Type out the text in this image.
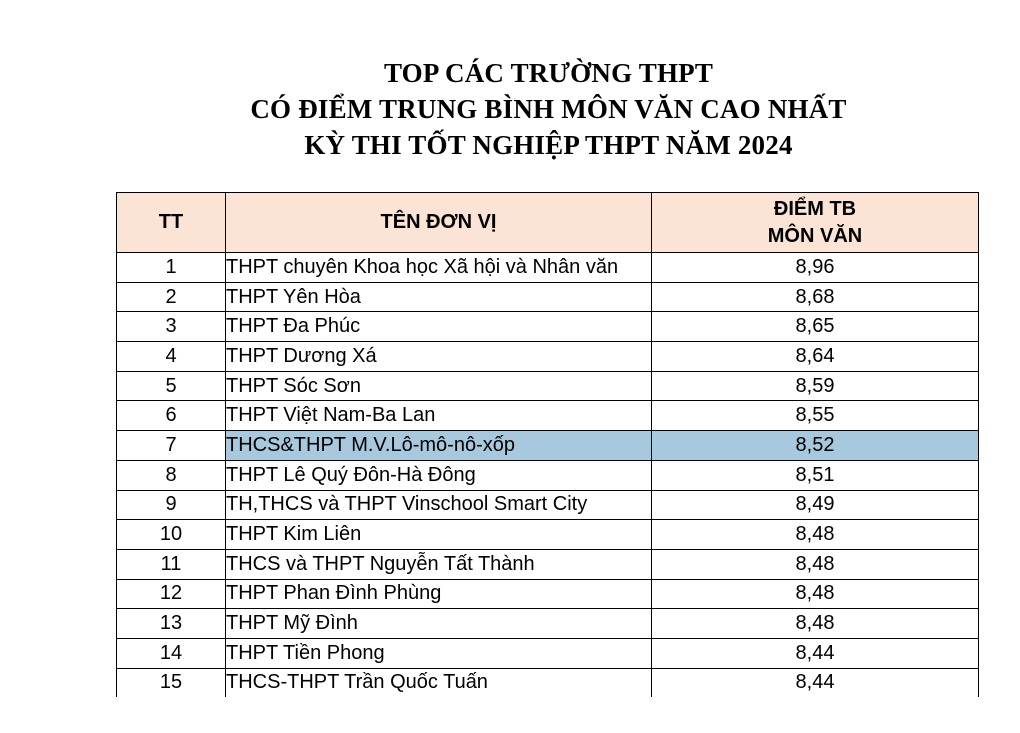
TOP CÁC TRƯỜNG THPT
CÓ ĐIỂM TRUNG BÌNH MÔN VĂN CAO NHẤT
KỲ THI TỐT NGHIỆP THPT NĂM 2024
TT	TÊN ĐƠN VỊ	ĐIỂM TB
MÔN VĂN

1	THPT chuyên Khoa học Xã hội và Nhân văn	8,96
2	THPT Yên Hòa	8,68
3	THPT Đa Phúc	8,65
4	THPT Dương Xá	8,64
5	THPT Sóc Sơn	8,59
6	THPT Việt Nam-Ba Lan	8,55
7	THCS&THPT M.V.Lô-mô-nô-xốp	8,52
8	THPT Lê Quý Đôn-Hà Đông	8,51
9	TH,THCS và THPT Vinschool Smart City	8,49
10	THPT Kim Liên	8,48
11	THCS và THPT Nguyễn Tất Thành	8,48
12	THPT Phan Đình Phùng	8,48
13	THPT Mỹ Đình	8,48
14	THPT Tiền Phong	8,44
15	THCS-THPT Trần Quốc Tuấn	8,44
